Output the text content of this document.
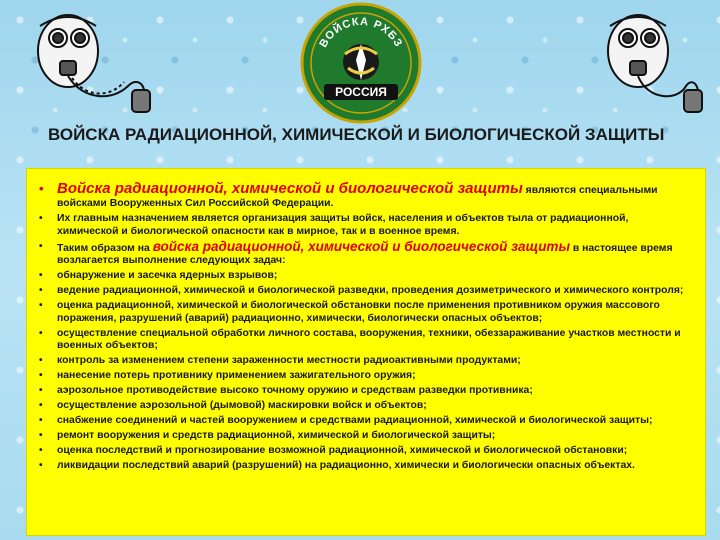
ВОЙСКА РХБЗ
РОССИЯ
ВОЙСКА РАДИАЦИОННОЙ, ХИМИЧЕСКОЙ И БИОЛОГИЧЕСКОЙ ЗАЩИТЫ
• Войска радиационной, химической и биологической защиты являются специальными войсками Вооруженных Сил Российской Федерации.
• Их главным назначением является организация защиты войск, населения и объектов тыла от радиационной, химической и биологической опасности как в мирное, так и в военное время.
• Таким образом на войска радиационной, химической и биологической защиты в настоящее время возлагается выполнение следующих задач:
• обнаружение и засечка ядерных взрывов;
• ведение радиационной, химической и биологической разведки, проведения дозиметрического и химического контроля;
• оценка радиационной, химической и биологической обстановки после применения противником оружия массового поражения, разрушений (аварий) радиационно, химически, биологически опасных объектов;
• осуществление специальной обработки личного состава, вооружения, техники, обеззараживание участков местности и военных объектов;
• контроль за изменением степени зараженности местности радиоактивными продуктами;
• нанесение потерь противнику применением зажигательного оружия;
• аэрозольное противодействие высоко точному оружию и средствам разведки противника;
• осуществление аэрозольной (дымовой) маскировки войск и объектов;
• снабжение соединений и частей вооружением и средствами радиационной, химической и биологической защиты;
• ремонт вооружения и средств радиационной, химической и биологической защиты;
• оценка последствий и прогнозирование возможной радиационной, химической и биологической обстановки;
• ликвидации последствий аварий (разрушений) на радиационно, химически и биологически опасных объектах.
